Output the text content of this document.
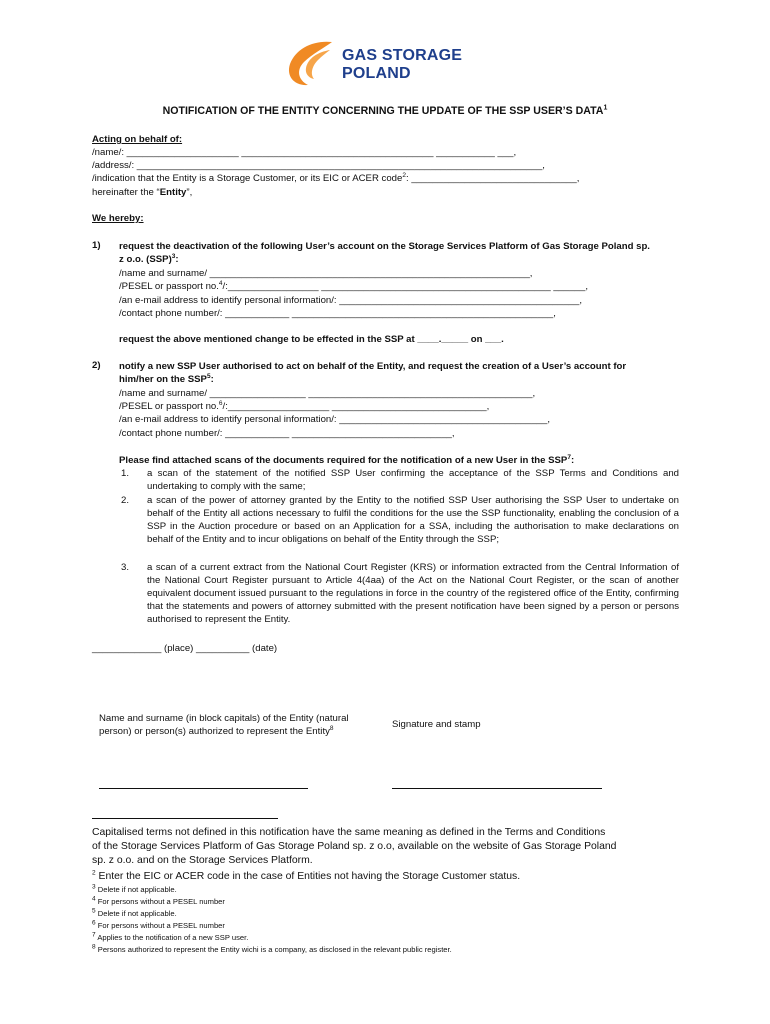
GAS STORAGE
POLAND
NOTIFICATION OF THE ENTITY CONCERNING THE UPDATE OF THE SSP USER’S DATA$^1$
Acting on behalf of:
/name/: _____________________ ____________________________________ ___________ ___,
/address/: ____________________________________________________________________________,
/indication that the Entity is a Storage Customer, or its EIC or ACER code$^2$: _______________________________,
hereinafter the “Entity”,
We hereby:
1) request the deactivation of the following User’s account on the Storage Services Platform of Gas Storage Poland sp.
z o.o. (SSP)$^3$:
/name and surname/ ____________________________________________________________,
/PESEL or passport no.$^4$/:_________________ ___________________________________________ ______,
/an e-mail address to identify personal information/: _____________________________________________,
/contact phone number/: ____________ _________________________________________________,
request the above mentioned change to be effected in the SSP at ____._____ on ___.
2) notify a new SSP User authorised to act on behalf of the Entity, and request the creation of a User’s account for
him/her on the SSP$^5$:
/name and surname/ __________________ __________________________________________,
/PESEL or passport no.$^6$/:___________________ _____________________________,
/an e-mail address to identify personal information/: _______________________________________,
/contact phone number/: ____________ ______________________________,
Please find attached scans of the documents required for the notification of a new User in the SSP$^7$:
1. a scan of the statement of the notified SSP User confirming the acceptance of the SSP Terms and Conditions and undertaking to comply with the same;
2. a scan of the power of attorney granted by the Entity to the notified SSP User authorising the SSP User to undertake on behalf of the Entity all actions necessary to fulfil the conditions for the use the SSP functionality, enabling the conclusion of a SSP in the Auction procedure or based on an Application for a SSA, including the authorisation to make declarations on behalf of the Entity and to incur obligations on behalf of the Entity through the SSP;
3. a scan of a current extract from the National Court Register (KRS) or information extracted from the Central Information of the National Court Register pursuant to Article 4(4aa) of the Act on the National Court Register, or the scan of another equivalent document issued pursuant to the regulations in force in the country of the registered office of the Entity, confirming that the statements and powers of attorney submitted with the present notification have been signed by a person or persons authorised to represent the Entity.
_____________ (place) __________ (date)
Name and surname (in block capitals) of the Entity (natural
person) or person(s) authorized to represent the Entity$^8$	Signature and stamp
Capitalised terms not defined in this notification have the same meaning as defined in the Terms and Conditions
of the Storage Services Platform of Gas Storage Poland sp. z o.o, available on the website of Gas Storage Poland
sp. z o.o. and on the Storage Services Platform.
$^2$ Enter the EIC or ACER code in the case of Entities not having the Storage Customer status.
$^3$ Delete if not applicable.
$^4$ For persons without a PESEL number
$^5$ Delete if not applicable.
$^6$ For persons without a PESEL number
$^7$ Applies to the notification of a new SSP user.
$^8$ Persons authorized to represent the Entity wichi is a company, as disclosed in the relevant public register.
